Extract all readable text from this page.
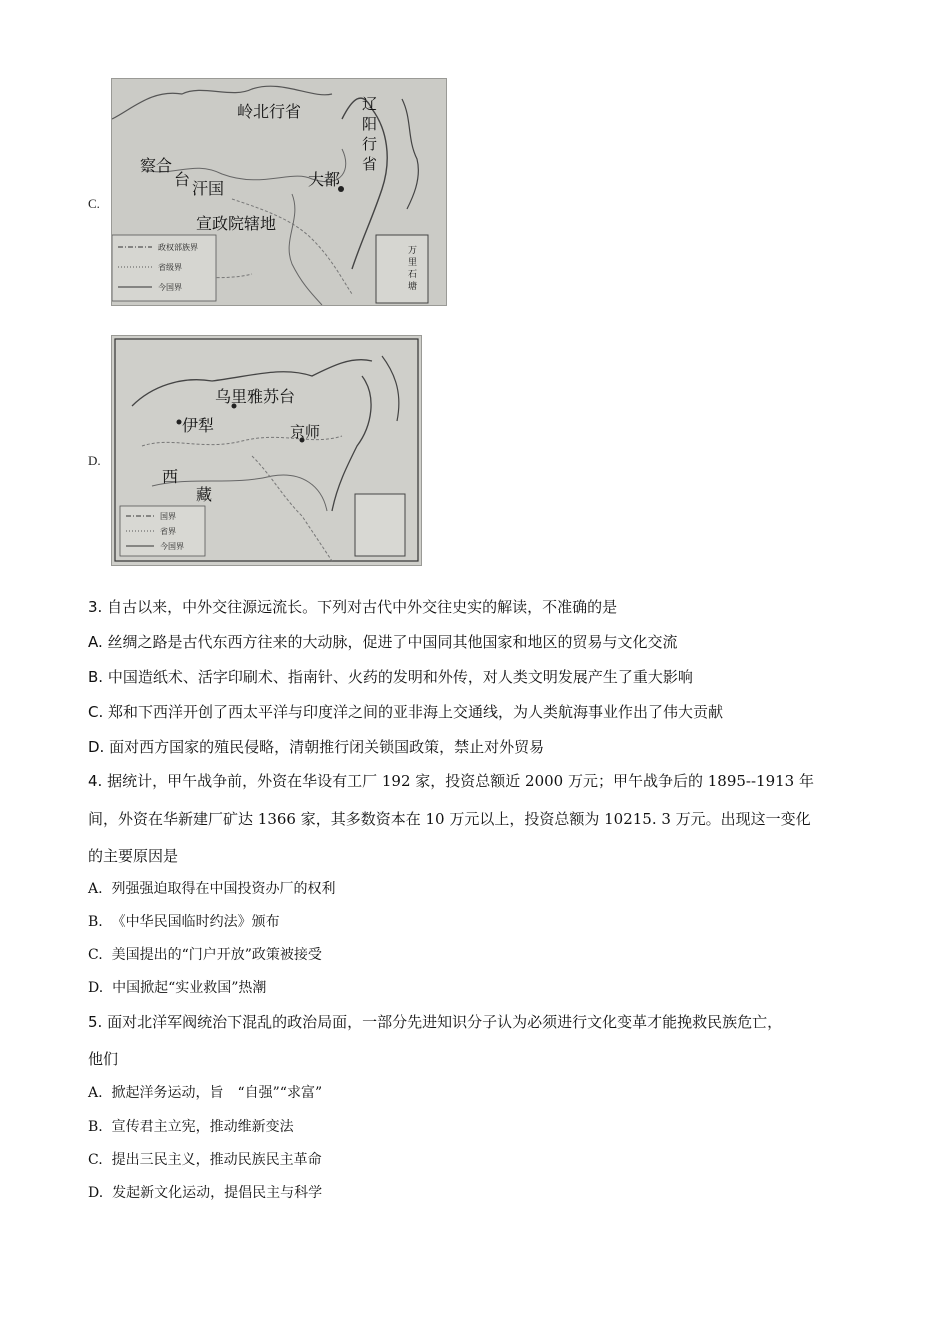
C.
岭北行省	辽
阳
行
省
察合
台 汗国	大都
宣政院辖地
万
里
石
塘
政权部族界
省级界
今国界
D.
乌里雅苏台
伊犁	京师
西
藏
国界
省界
今国界
3. 自古以来，中外交往源远流长。下列对古代中外交往史实的解读，不准确的是
A. 丝绸之路是古代东西方往来的大动脉，促进了中国同其他国家和地区的贸易与文化交流
B. 中国造纸术、活字印刷术、指南针、火药的发明和外传，对人类文明发展产生了重大影响
C. 郑和下西洋开创了西太平洋与印度洋之间的亚非海上交通线，为人类航海事业作出了伟大贡献
D. 面对西方国家的殖民侵略，清朝推行闭关锁国政策，禁止对外贸易
4. 据统计，甲午战争前，外资在华设有工厂 192 家，投资总额近 2000 万元；甲午战争后的 1895--1913 年
间，外资在华新建厂矿达 1366 家，其多数资本在 10 万元以上，投资总额为 10215. 3 万元。出现这一变化
的主要原因是
A. 列强强迫取得在中国投资办厂的权利
B. 《中华民国临时约法》颁布
C. 美国提出的“门户开放”政策被接受
D. 中国掀起“实业救国”热潮
5. 面对北洋军阀统治下混乱的政治局面，一部分先进知识分子认为必须进行文化变革才能挽救民族危亡，
他们
A. 掀起洋务运动，旨　“自强”“求富”
B. 宣传君主立宪，推动维新变法
C. 提出三民主义，推动民族民主革命
D. 发起新文化运动，提倡民主与科学
